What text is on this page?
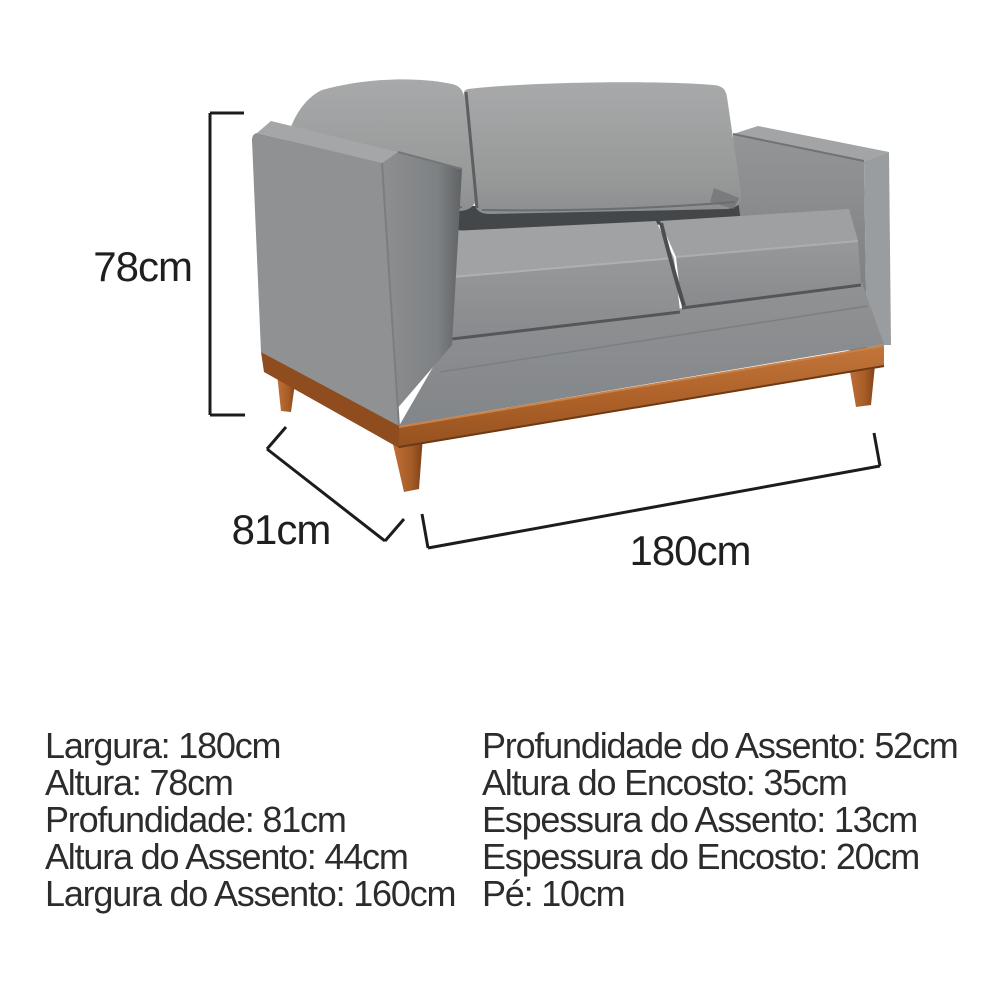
78cm
81cm	180cm
Largura: 180cm
Altura: 78cm
Profundidade: 81cm
Altura do Assento: 44cm
Largura do Assento: 160cm
Profundidade do Assento: 52cm
Altura do Encosto: 35cm
Espessura do Assento: 13cm
Espessura do Encosto: 20cm
Pé: 10cm
